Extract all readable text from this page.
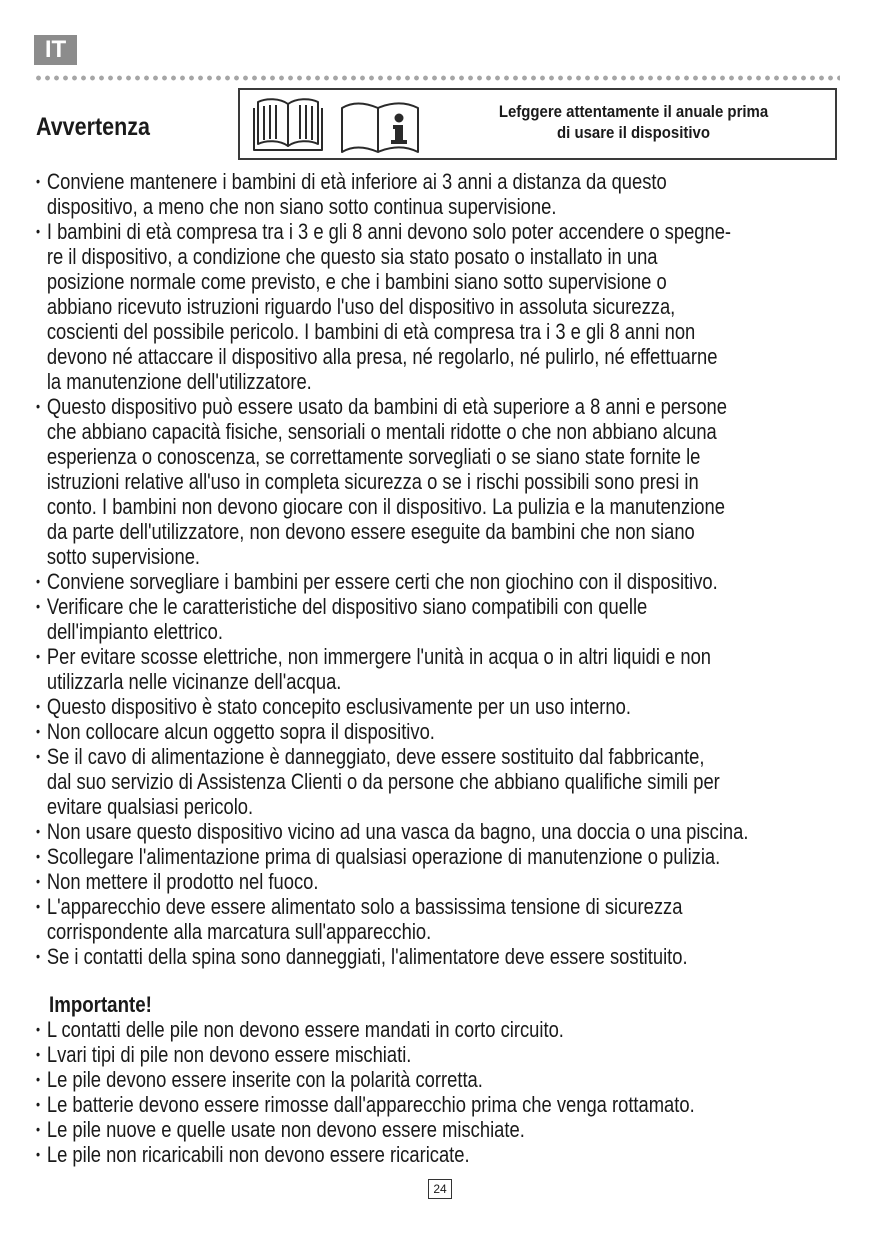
IT
Avvertenza
Lefggere attentamente il anuale prima
di usare il dispositivo
• Conviene mantenere i bambini di età inferiore ai 3 anni a distanza da questo
dispositivo, a meno che non siano sotto continua supervisione.
• I bambini di età compresa tra i 3 e gli 8 anni devono solo poter accendere o spegne-
re il dispositivo, a condizione che questo sia stato posato o installato in una
posizione normale come previsto, e che i bambini siano sotto supervisione o
abbiano ricevuto istruzioni riguardo l'uso del dispositivo in assoluta sicurezza,
coscienti del possibile pericolo. I bambini di età compresa tra i 3 e gli 8 anni non
devono né attaccare il dispositivo alla presa, né regolarlo, né pulirlo, né effettuarne
la manutenzione dell'utilizzatore.
• Questo dispositivo può essere usato da bambini di età superiore a 8 anni e persone
che abbiano capacità fisiche, sensoriali o mentali ridotte o che non abbiano alcuna
esperienza o conoscenza, se correttamente sorvegliati o se siano state fornite le
istruzioni relative all'uso in completa sicurezza o se i rischi possibili sono presi in
conto. I bambini non devono giocare con il dispositivo. La pulizia e la manutenzione
da parte dell'utilizzatore, non devono essere eseguite da bambini che non siano
sotto supervisione.
• Conviene sorvegliare i bambini per essere certi che non giochino con il dispositivo.
• Verificare che le caratteristiche del dispositivo siano compatibili con quelle
dell'impianto elettrico.
• Per evitare scosse elettriche, non immergere l'unità in acqua o in altri liquidi e non
utilizzarla nelle vicinanze dell'acqua.
• Questo dispositivo è stato concepito esclusivamente per un uso interno.
• Non collocare alcun oggetto sopra il dispositivo.
• Se il cavo di alimentazione è danneggiato, deve essere sostituito dal fabbricante,
dal suo servizio di Assistenza Clienti o da persone che abbiano qualifiche simili per
evitare qualsiasi pericolo.
• Non usare questo dispositivo vicino ad una vasca da bagno, una doccia o una piscina.
• Scollegare l'alimentazione prima di qualsiasi operazione di manutenzione o pulizia.
• Non mettere il prodotto nel fuoco.
• L'apparecchio deve essere alimentato solo a bassissima tensione di sicurezza
corrispondente alla marcatura sull'apparecchio.
• Se i contatti della spina sono danneggiati, l'alimentatore deve essere sostituito.
Importante!
• L contatti delle pile non devono essere mandati in corto circuito.
• Lvari tipi di pile non devono essere mischiati.
• Le pile devono essere inserite con la polarità corretta.
• Le batterie devono essere rimosse dall'apparecchio prima che venga rottamato.
• Le pile nuove e quelle usate non devono essere mischiate.
• Le pile non ricaricabili non devono essere ricaricate.
24
